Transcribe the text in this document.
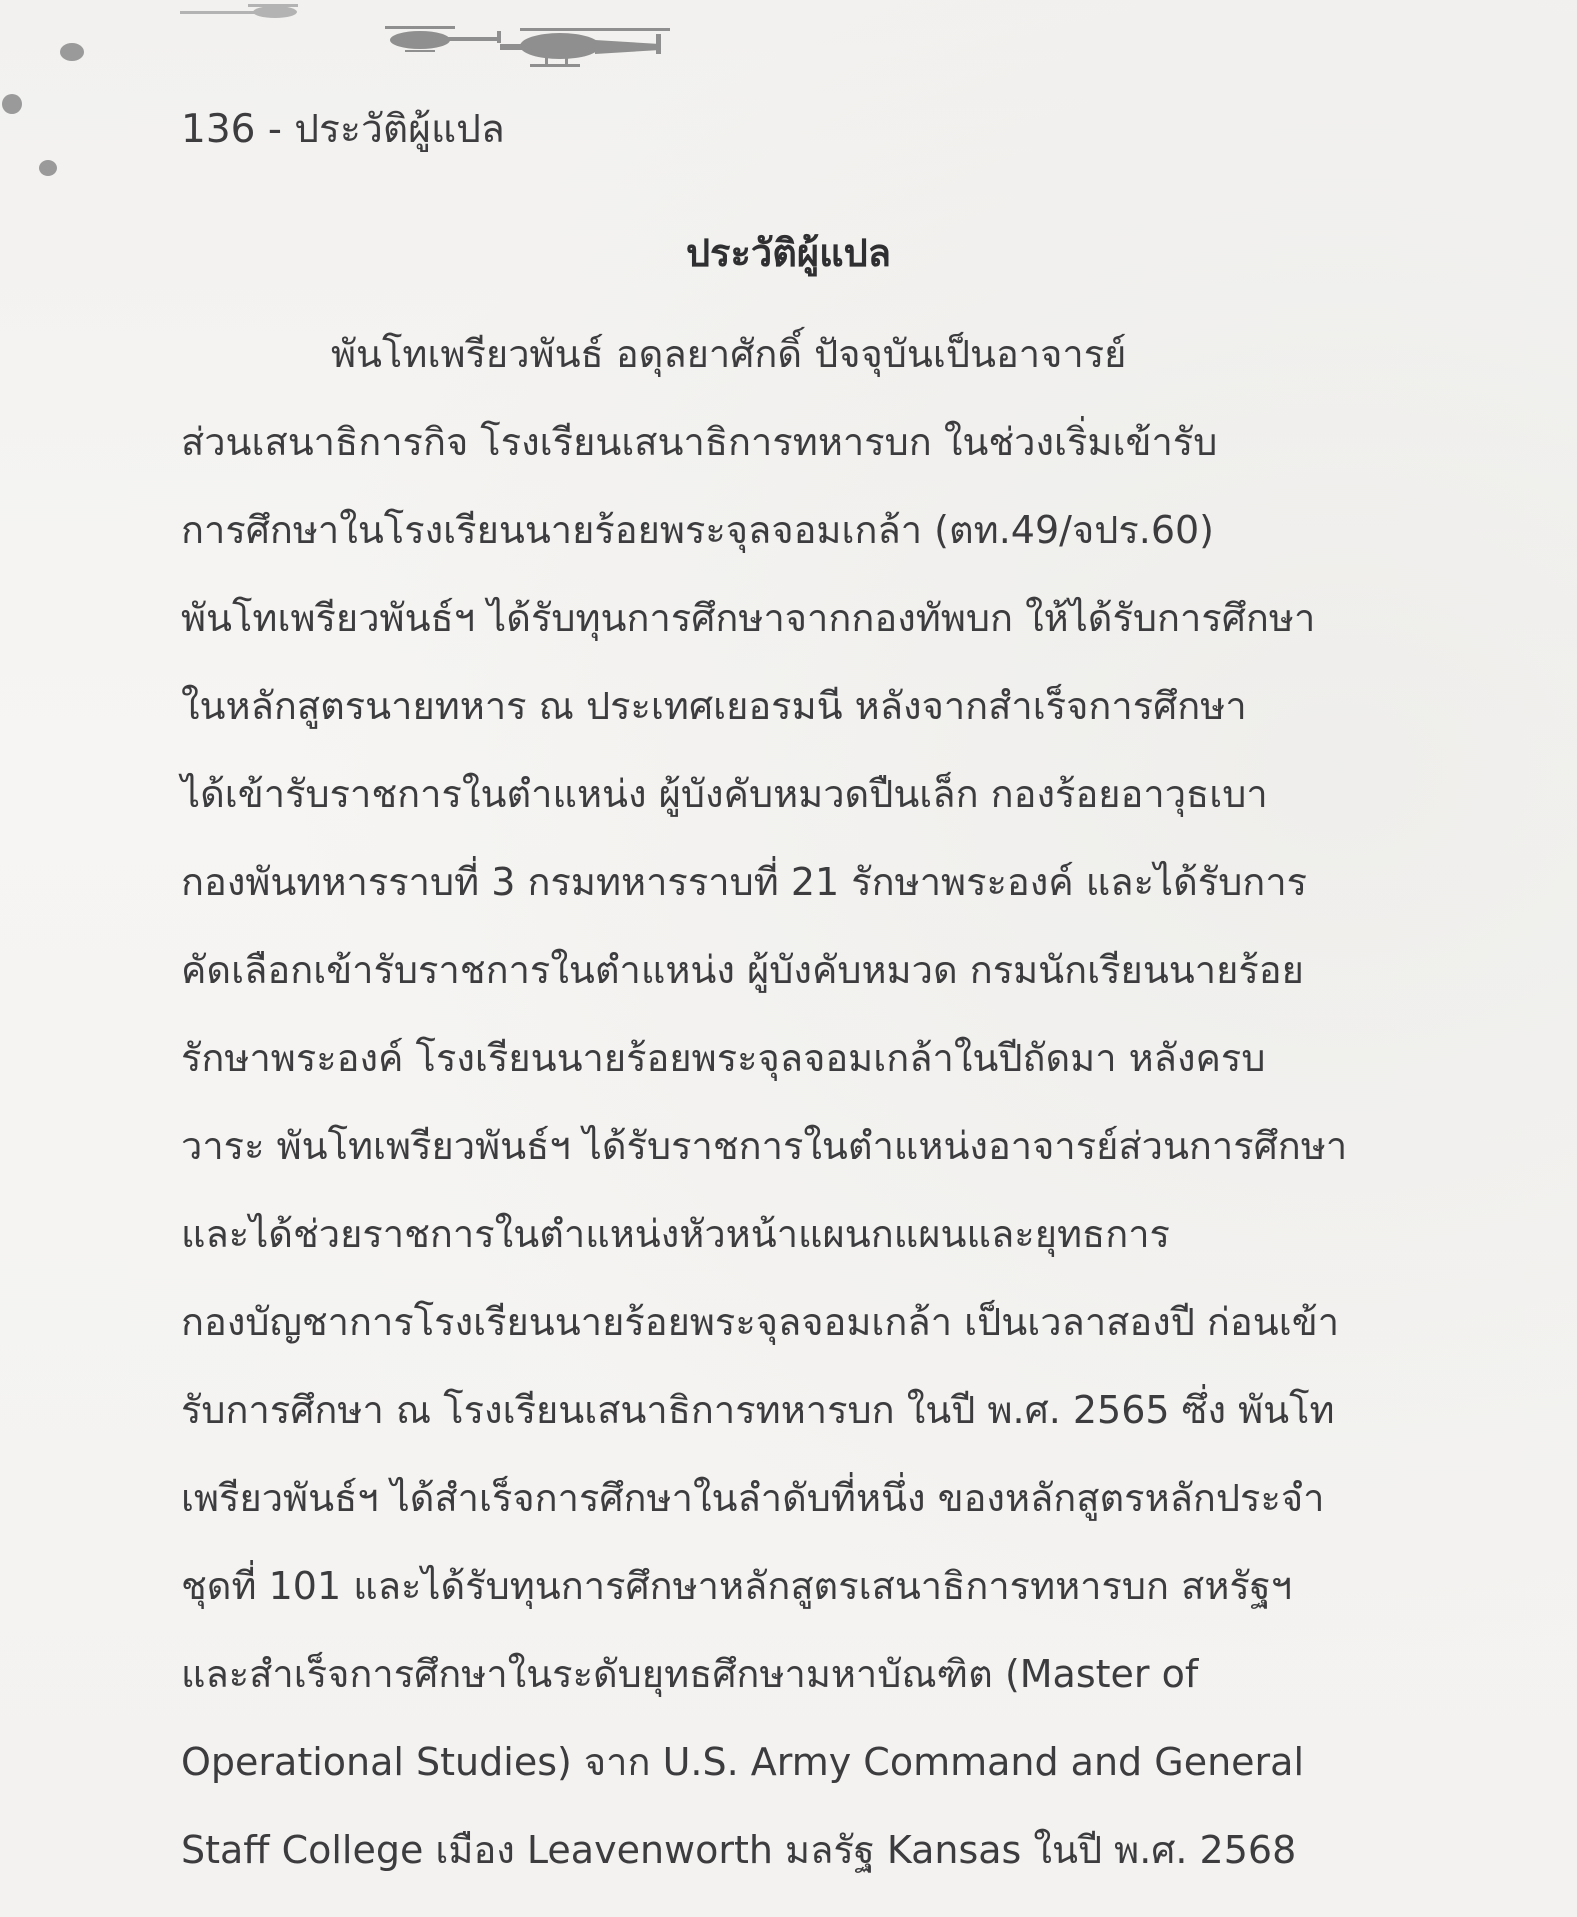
136 - ประวัติผู้แปล
ประวัติผู้แปล
พันโทเพรียวพันธ์ อดุลยาศักดิ์ ปัจจุบันเป็นอาจารย์
ส่วนเสนาธิการกิจ โรงเรียนเสนาธิการทหารบก ในช่วงเริ่มเข้ารับ
การศึกษาในโรงเรียนนายร้อยพระจุลจอมเกล้า (ตท.49/จปร.60)
พันโทเพรียวพันธ์ฯ ได้รับทุนการศึกษาจากกองทัพบก ให้ได้รับการศึกษา
ในหลักสูตรนายทหาร ณ ประเทศเยอรมนี หลังจากสำเร็จการศึกษา
ได้เข้ารับราชการในตำแหน่ง ผู้บังคับหมวดปืนเล็ก กองร้อยอาวุธเบา
กองพันทหารราบที่ 3 กรมทหารราบที่ 21 รักษาพระองค์ และได้รับการ
คัดเลือกเข้ารับราชการในตำแหน่ง ผู้บังคับหมวด กรมนักเรียนนายร้อย
รักษาพระองค์ โรงเรียนนายร้อยพระจุลจอมเกล้าในปีถัดมา หลังครบ
วาระ พันโทเพรียวพันธ์ฯ ได้รับราชการในตำแหน่งอาจารย์ส่วนการศึกษา
และได้ช่วยราชการในตำแหน่งหัวหน้าแผนกแผนและยุทธการ
กองบัญชาการโรงเรียนนายร้อยพระจุลจอมเกล้า เป็นเวลาสองปี ก่อนเข้า
รับการศึกษา ณ โรงเรียนเสนาธิการทหารบก ในปี พ.ศ. 2565 ซึ่ง พันโท
เพรียวพันธ์ฯ ได้สำเร็จการศึกษาในลำดับที่หนึ่ง ของหลักสูตรหลักประจำ
ชุดที่ 101 และได้รับทุนการศึกษาหลักสูตรเสนาธิการทหารบก สหรัฐฯ
และสำเร็จการศึกษาในระดับยุทธศึกษามหาบัณฑิต (Master of
Operational Studies) จาก U.S. Army Command and General
Staff College เมือง Leavenworth มลรัฐ Kansas ในปี พ.ศ. 2568
